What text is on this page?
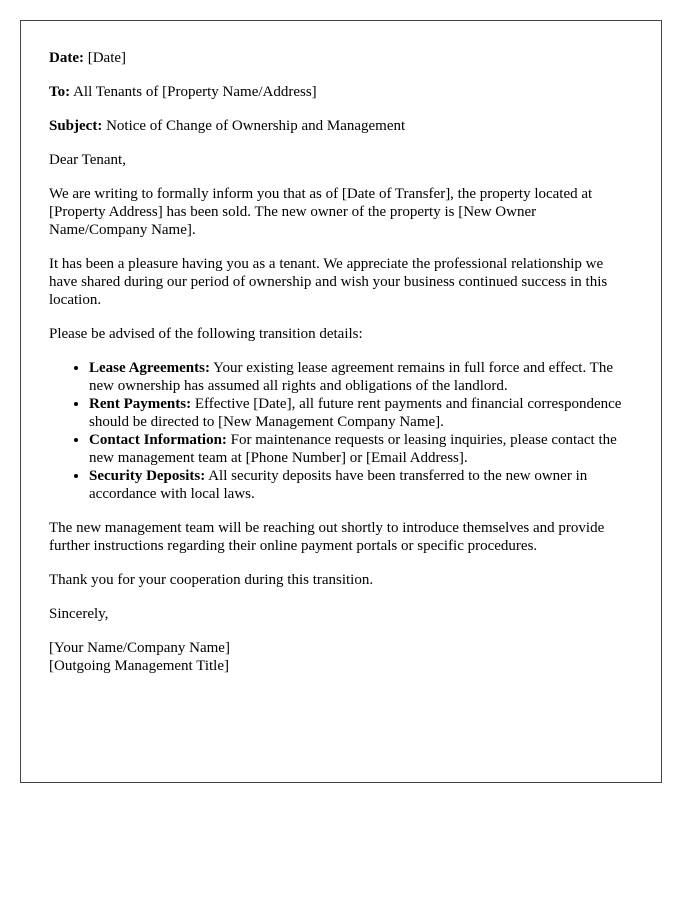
Date: [Date]

To: All Tenants of [Property Name/Address]

Subject: Notice of Change of Ownership and Management

Dear Tenant,

We are writing to formally inform you that as of [Date of Transfer], the property located at [Property Address] has been sold. The new owner of the property is [New Owner Name/Company Name].

It has been a pleasure having you as a tenant. We appreciate the professional relationship we have shared during our period of ownership and wish your business continued success in this location.

Please be advised of the following transition details:

• Lease Agreements: Your existing lease agreement remains in full force and effect. The new ownership has assumed all rights and obligations of the landlord.
• Rent Payments: Effective [Date], all future rent payments and financial correspondence should be directed to [New Management Company Name].
• Contact Information: For maintenance requests or leasing inquiries, please contact the new management team at [Phone Number] or [Email Address].
• Security Deposits: All security deposits have been transferred to the new owner in accordance with local laws.

The new management team will be reaching out shortly to introduce themselves and provide further instructions regarding their online payment portals or specific procedures.

Thank you for your cooperation during this transition.

Sincerely,

[Your Name/Company Name]
[Outgoing Management Title]
